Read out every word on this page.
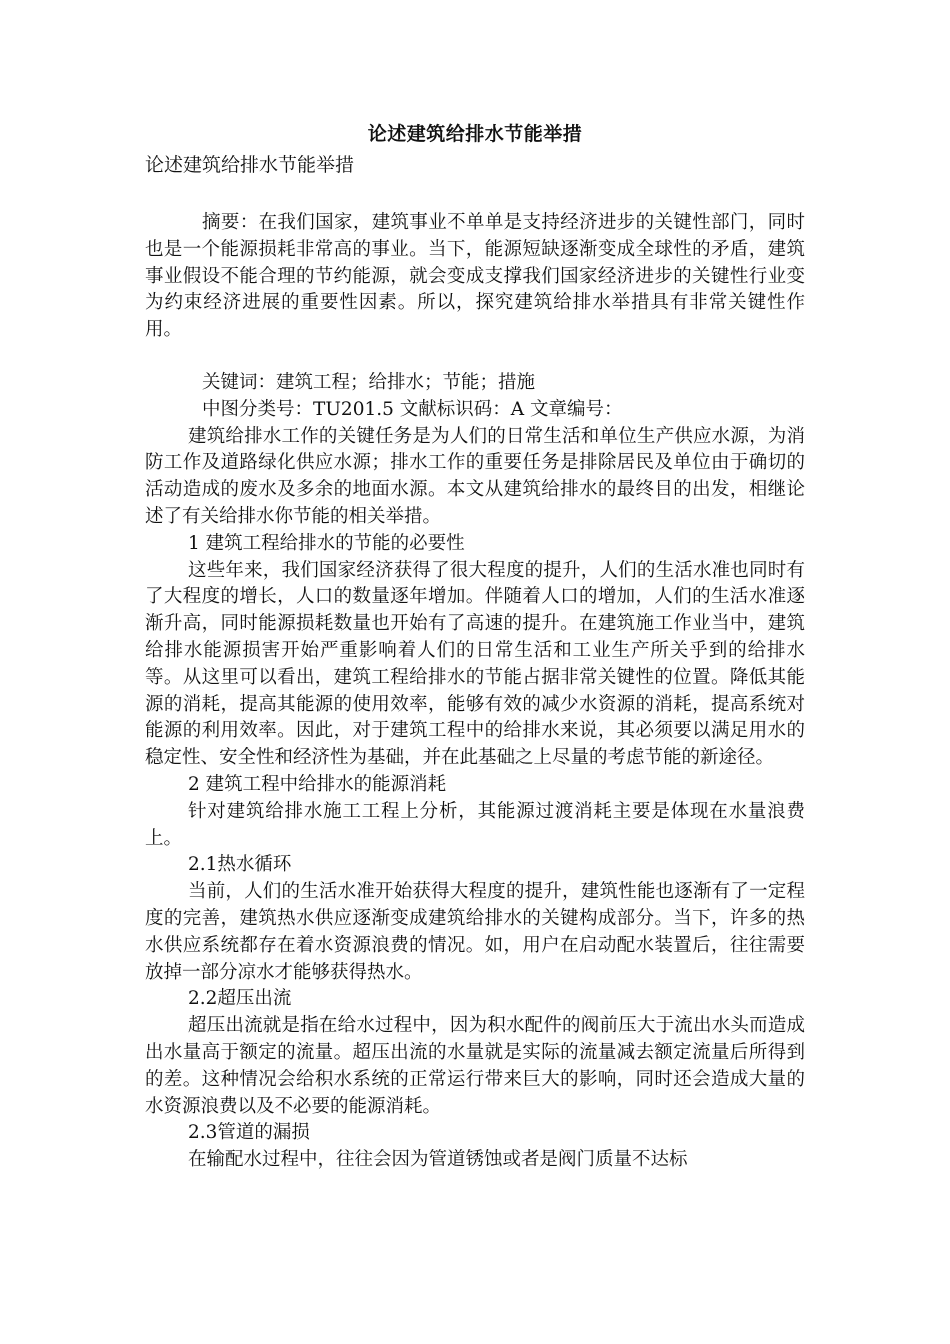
论述建筑给排水节能举措
论述建筑给排水节能举措

摘要：在我们国家，建筑事业不单单是支持经济进步的关键性部门，同时也是一个能源损耗非常高的事业。当下，能源短缺逐渐变成全球性的矛盾，建筑事业假设不能合理的节约能源，就会变成支撑我们国家经济进步的关键性行业变为约束经济进展的重要性因素。所以，探究建筑给排水举措具有非常关键性作用。

关键词：建筑工程；给排水；节能；措施

中图分类号：TU201.5 文献标识码：A 文章编号：

建筑给排水工作的关键任务是为人们的日常生活和单位生产供应水源，为消防工作及道路绿化供应水源；排水工作的重要任务是排除居民及单位由于确切的活动造成的废水及多余的地面水源。本文从建筑给排水的最终目的出发，相继论述了有关给排水你节能的相关举措。

1 建筑工程给排水的节能的必要性

这些年来，我们国家经济获得了很大程度的提升，人们的生活水准也同时有了大程度的增长，人口的数量逐年增加。伴随着人口的增加，人们的生活水准逐渐升高，同时能源损耗数量也开始有了高速的提升。在建筑施工作业当中，建筑给排水能源损害开始严重影响着人们的日常生活和工业生产所关乎到的给排水等。从这里可以看出，建筑工程给排水的节能占据非常关键性的位置。降低其能源的消耗，提高其能源的使用效率，能够有效的减少水资源的消耗，提高系统对能源的利用效率。因此，对于建筑工程中的给排水来说，其必须要以满足用水的稳定性、安全性和经济性为基础，并在此基础之上尽量的考虑节能的新途径。

2 建筑工程中给排水的能源消耗

针对建筑给排水施工工程上分析，其能源过渡消耗主要是体现在水量浪费上。

2.1热水循环

当前，人们的生活水准开始获得大程度的提升，建筑性能也逐渐有了一定程度的完善，建筑热水供应逐渐变成建筑给排水的关键构成部分。当下，许多的热水供应系统都存在着水资源浪费的情况。如，用户在启动配水装置后，往往需要放掉一部分凉水才能够获得热水。

2.2超压出流

超压出流就是指在给水过程中，因为积水配件的阀前压大于流出水头而造成出水量高于额定的流量。超压出流的水量就是实际的流量减去额定流量后所得到的差。这种情况会给积水系统的正常运行带来巨大的影响，同时还会造成大量的水资源浪费以及不必要的能源消耗。

2.3管道的漏损

在输配水过程中，往往会因为管道锈蚀或者是阀门质量不达标
